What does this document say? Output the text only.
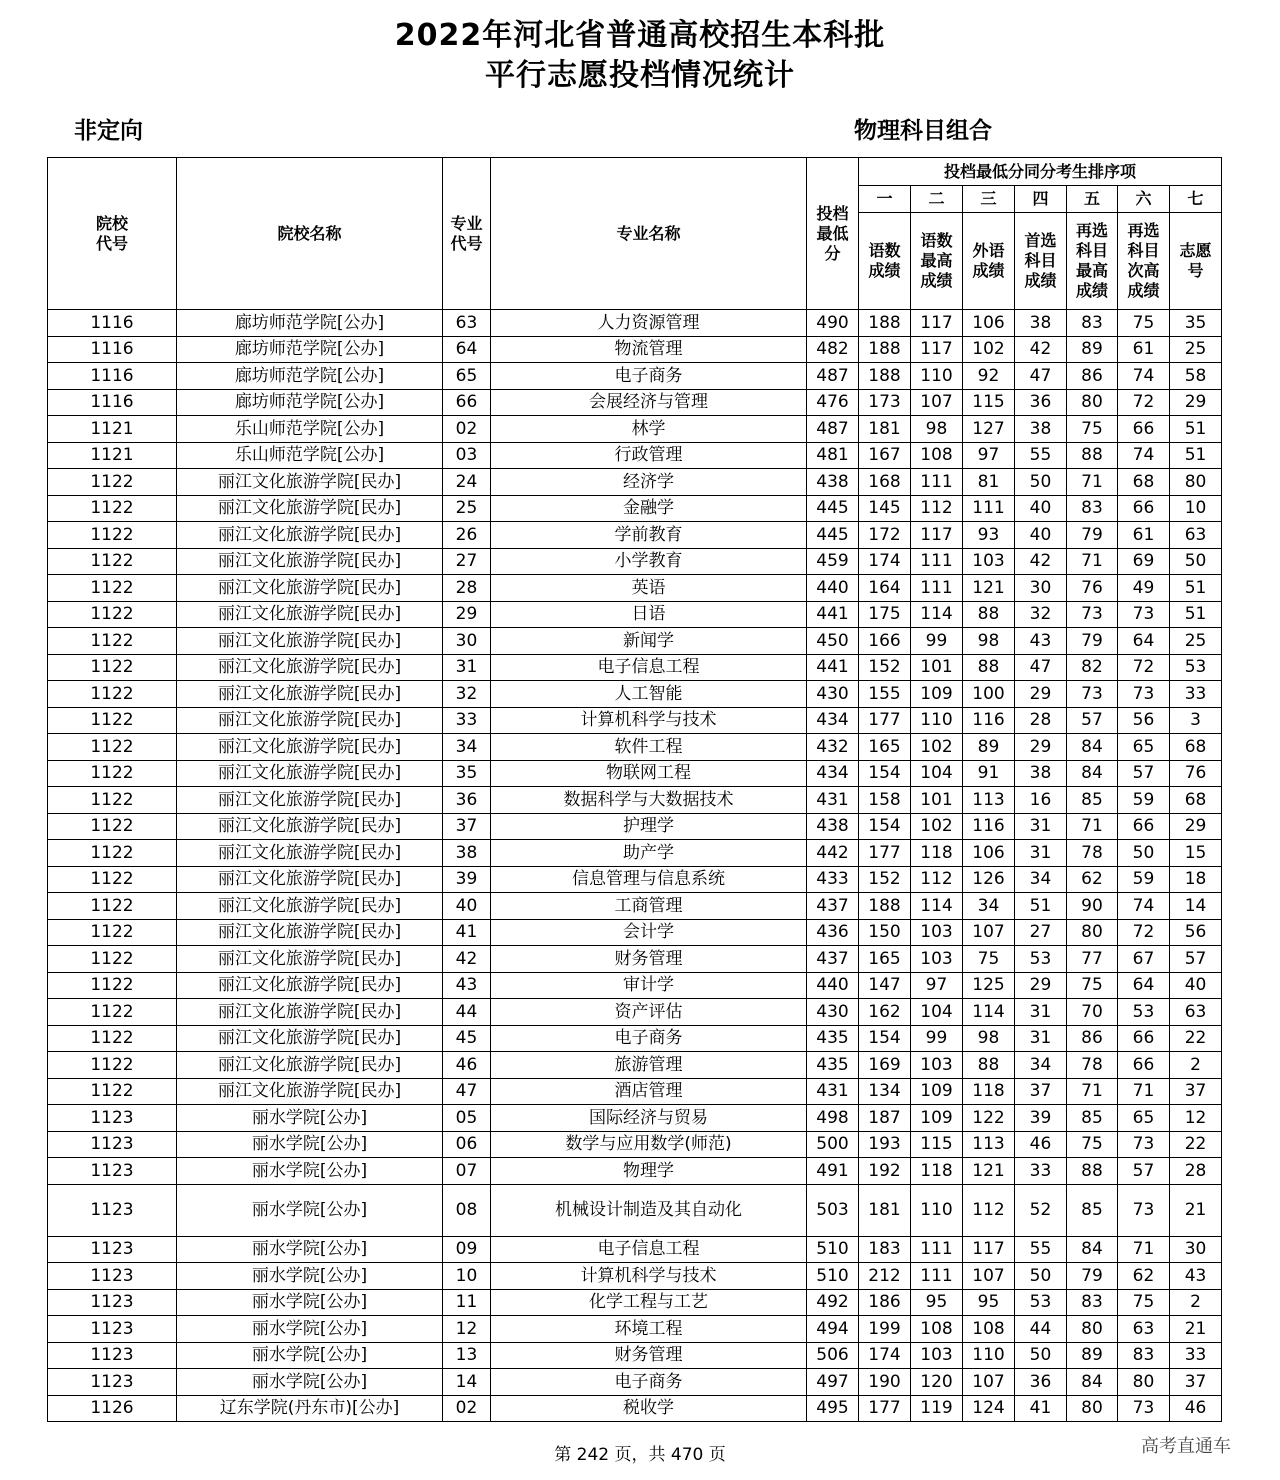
2022年河北省普通高校招生本科批
平行志愿投档情况统计
非定向	物理科目组合
院校代号	院校名称	专业代号	专业名称	投档最低分	投档最低分同分考生排序项						
					一	二	三	四	五	六	七
					语数成绩	语数最高成绩	外语成绩	首选科目成绩	再选科目最高成绩	再选科目次高成绩	志愿号
1116	廊坊师范学院[公办]	63	人力资源管理	490	188	117	106	38	83	75	35
1116	廊坊师范学院[公办]	64	物流管理	482	188	117	102	42	89	61	25
1116	廊坊师范学院[公办]	65	电子商务	487	188	110	92	47	86	74	58
1116	廊坊师范学院[公办]	66	会展经济与管理	476	173	107	115	36	80	72	29
1121	乐山师范学院[公办]	02	林学	487	181	98	127	38	75	66	51
1121	乐山师范学院[公办]	03	行政管理	481	167	108	97	55	88	74	51
1122	丽江文化旅游学院[民办]	24	经济学	438	168	111	81	50	71	68	80
1122	丽江文化旅游学院[民办]	25	金融学	445	145	112	111	40	83	66	10
1122	丽江文化旅游学院[民办]	26	学前教育	445	172	117	93	40	79	61	63
1122	丽江文化旅游学院[民办]	27	小学教育	459	174	111	103	42	71	69	50
1122	丽江文化旅游学院[民办]	28	英语	440	164	111	121	30	76	49	51
1122	丽江文化旅游学院[民办]	29	日语	441	175	114	88	32	73	73	51
1122	丽江文化旅游学院[民办]	30	新闻学	450	166	99	98	43	79	64	25
1122	丽江文化旅游学院[民办]	31	电子信息工程	441	152	101	88	47	82	72	53
1122	丽江文化旅游学院[民办]	32	人工智能	430	155	109	100	29	73	73	33
1122	丽江文化旅游学院[民办]	33	计算机科学与技术	434	177	110	116	28	57	56	3
1122	丽江文化旅游学院[民办]	34	软件工程	432	165	102	89	29	84	65	68
1122	丽江文化旅游学院[民办]	35	物联网工程	434	154	104	91	38	84	57	76
1122	丽江文化旅游学院[民办]	36	数据科学与大数据技术	431	158	101	113	16	85	59	68
1122	丽江文化旅游学院[民办]	37	护理学	438	154	102	116	31	71	66	29
1122	丽江文化旅游学院[民办]	38	助产学	442	177	118	106	31	78	50	15
1122	丽江文化旅游学院[民办]	39	信息管理与信息系统	433	152	112	126	34	62	59	18
1122	丽江文化旅游学院[民办]	40	工商管理	437	188	114	34	51	90	74	14
1122	丽江文化旅游学院[民办]	41	会计学	436	150	103	107	27	80	72	56
1122	丽江文化旅游学院[民办]	42	财务管理	437	165	103	75	53	77	67	57
1122	丽江文化旅游学院[民办]	43	审计学	440	147	97	125	29	75	64	40
1122	丽江文化旅游学院[民办]	44	资产评估	430	162	104	114	31	70	53	63
1122	丽江文化旅游学院[民办]	45	电子商务	435	154	99	98	31	86	66	22
1122	丽江文化旅游学院[民办]	46	旅游管理	435	169	103	88	34	78	66	2
1122	丽江文化旅游学院[民办]	47	酒店管理	431	134	109	118	37	71	71	37
1123	丽水学院[公办]	05	国际经济与贸易	498	187	109	122	39	85	65	12
1123	丽水学院[公办]	06	数学与应用数学(师范)	500	193	115	113	46	75	73	22
1123	丽水学院[公办]	07	物理学	491	192	118	121	33	88	57	28
1123	丽水学院[公办]	08	机械设计制造及其自动化	503	181	110	112	52	85	73	21
1123	丽水学院[公办]	09	电子信息工程	510	183	111	117	55	84	71	30
1123	丽水学院[公办]	10	计算机科学与技术	510	212	111	107	50	79	62	43
1123	丽水学院[公办]	11	化学工程与工艺	492	186	95	95	53	83	75	2
1123	丽水学院[公办]	12	环境工程	494	199	108	108	44	80	63	21
1123	丽水学院[公办]	13	财务管理	506	174	103	110	50	89	83	33
1123	丽水学院[公办]	14	电子商务	497	190	120	107	36	84	80	37
1126	辽东学院(丹东市)[公办]	02	税收学	495	177	119	124	41	80	73	46
第 242 页，共 470 页	高考直通车
